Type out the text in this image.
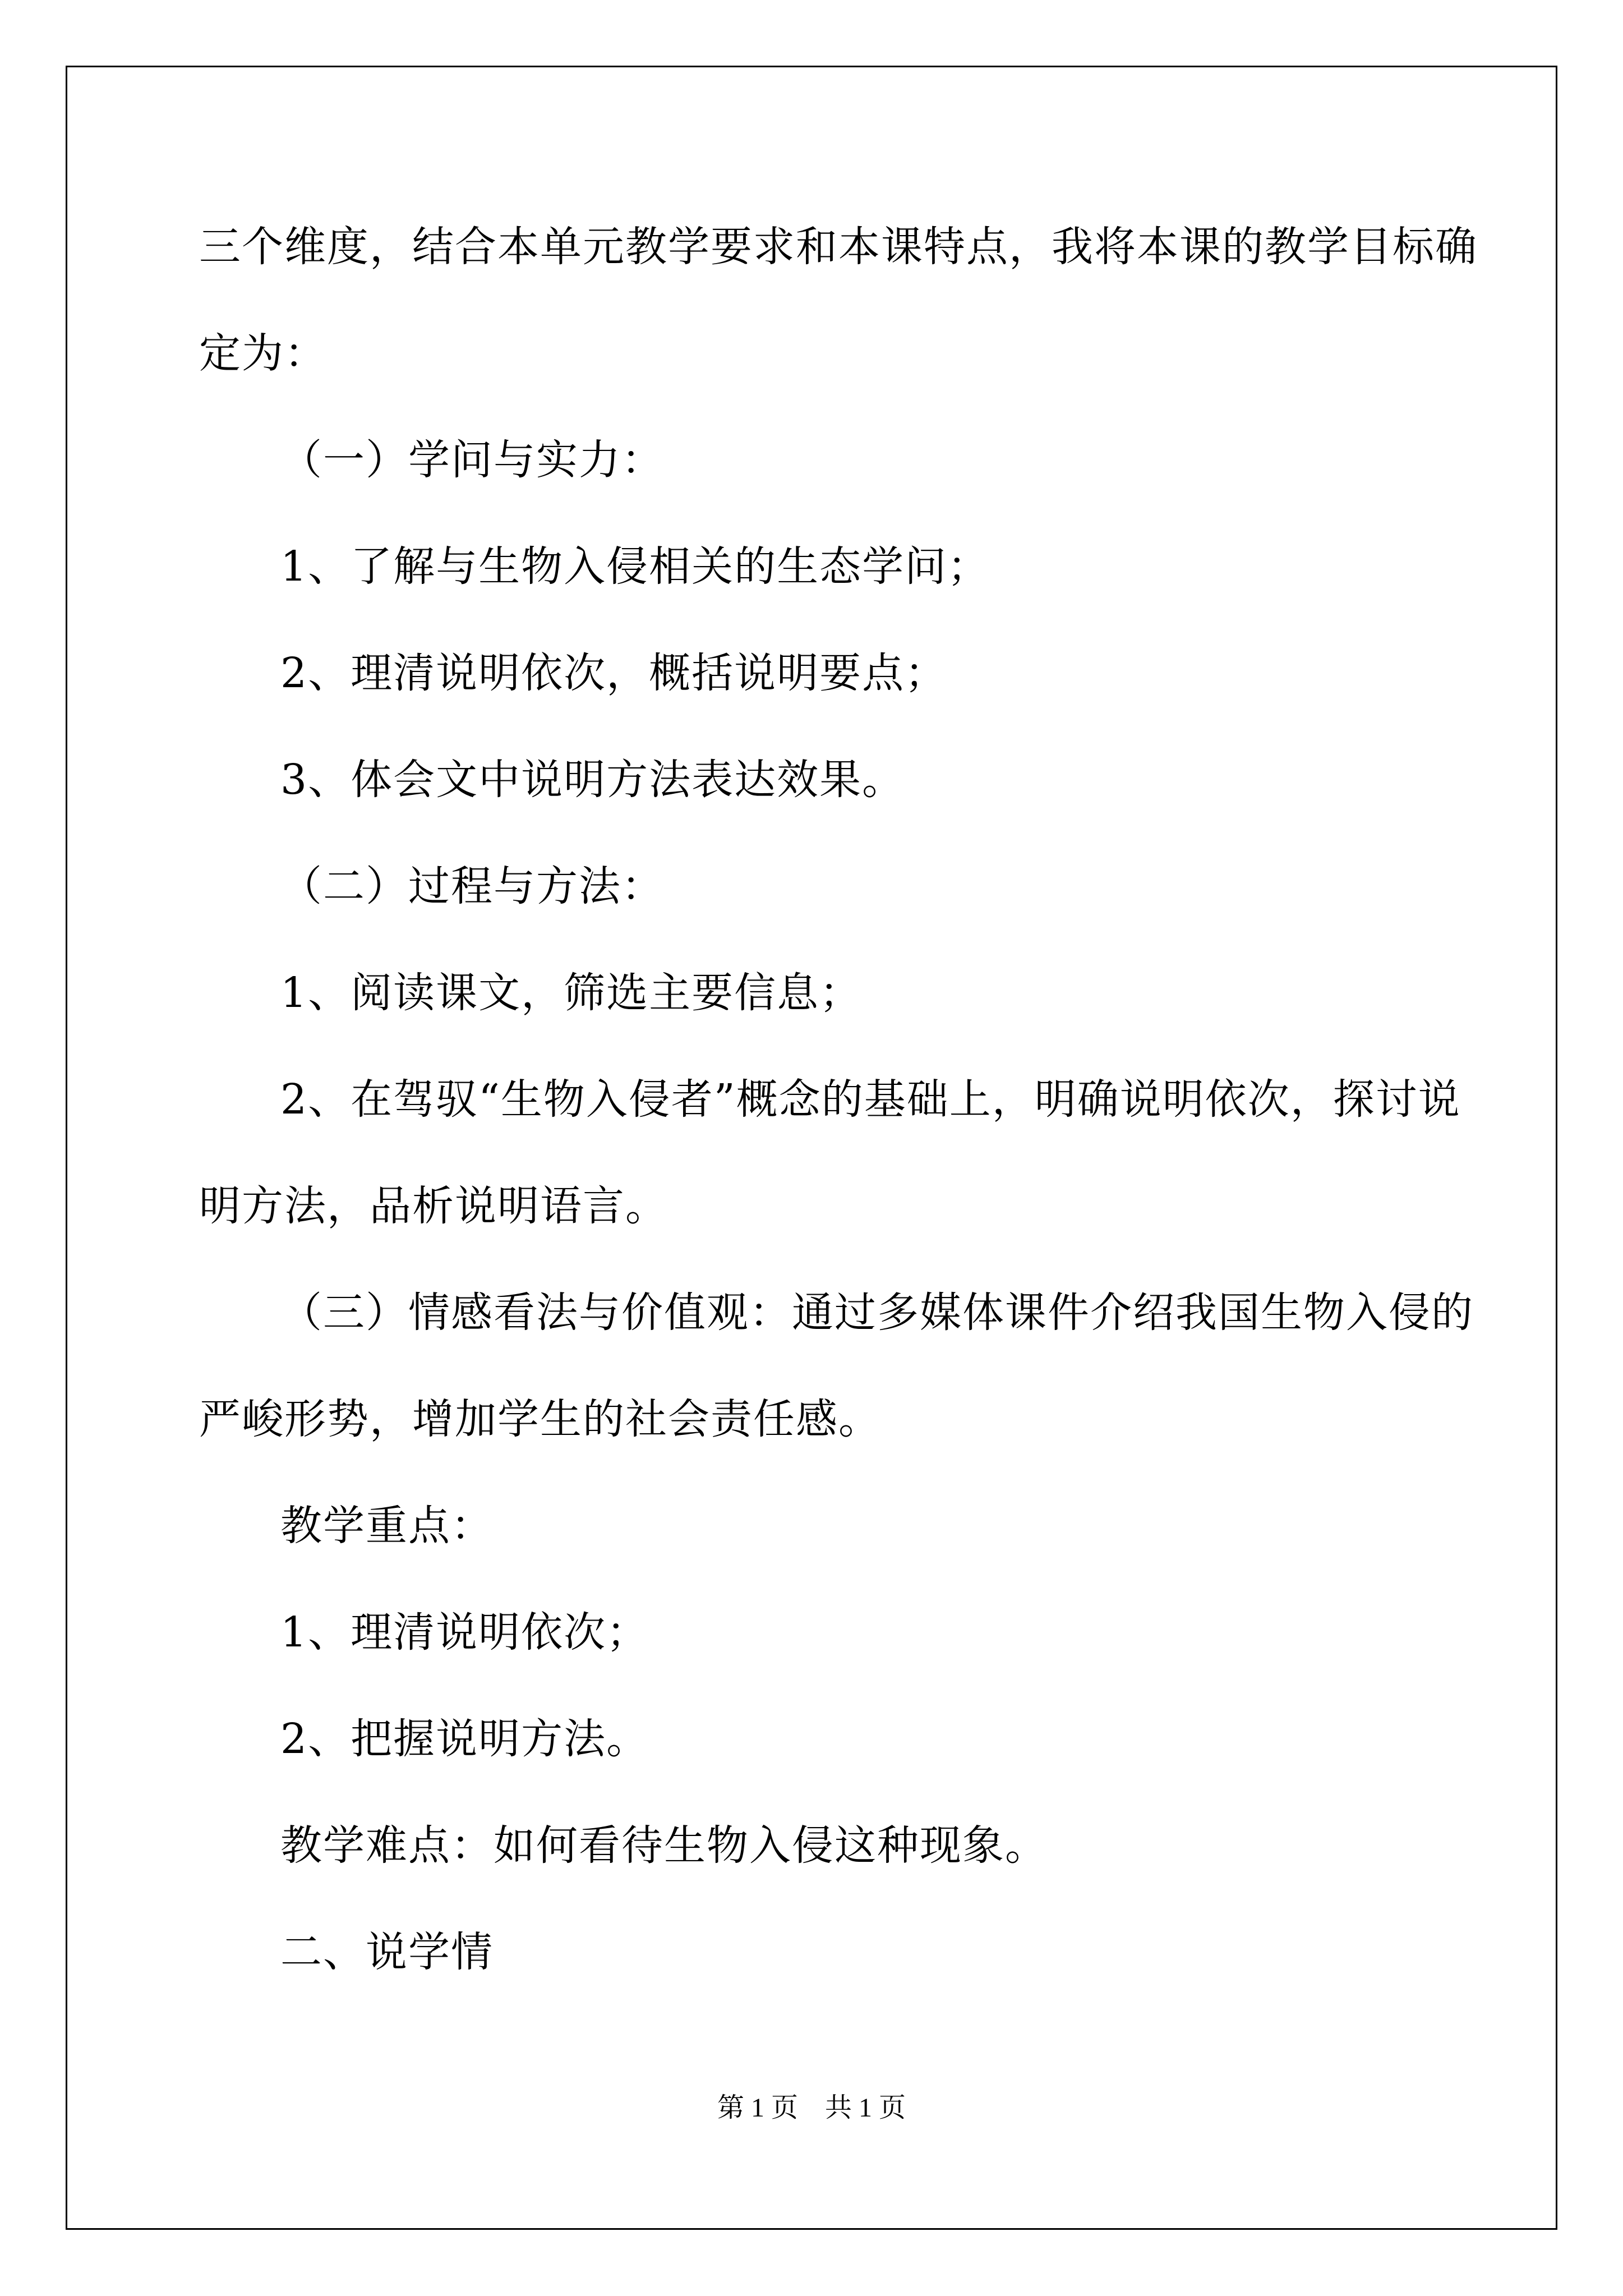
三个维度，结合本单元教学要求和本课特点，我将本课的教学目标确
定为：
（一）学问与实力：
1、了解与生物入侵相关的生态学问；
2、理清说明依次，概括说明要点；
3、体会文中说明方法表达效果。
（二）过程与方法：
1、阅读课文，筛选主要信息；
2、在驾驭“生物入侵者”概念的基础上，明确说明依次，探讨说
明方法，品析说明语言。
（三）情感看法与价值观：通过多媒体课件介绍我国生物入侵的
严峻形势，增加学生的社会责任感。
教学重点：
1、理清说明依次；
2、把握说明方法。
教学难点：如何看待生物入侵这种现象。
二、说学情
第 1 页    共 1 页
